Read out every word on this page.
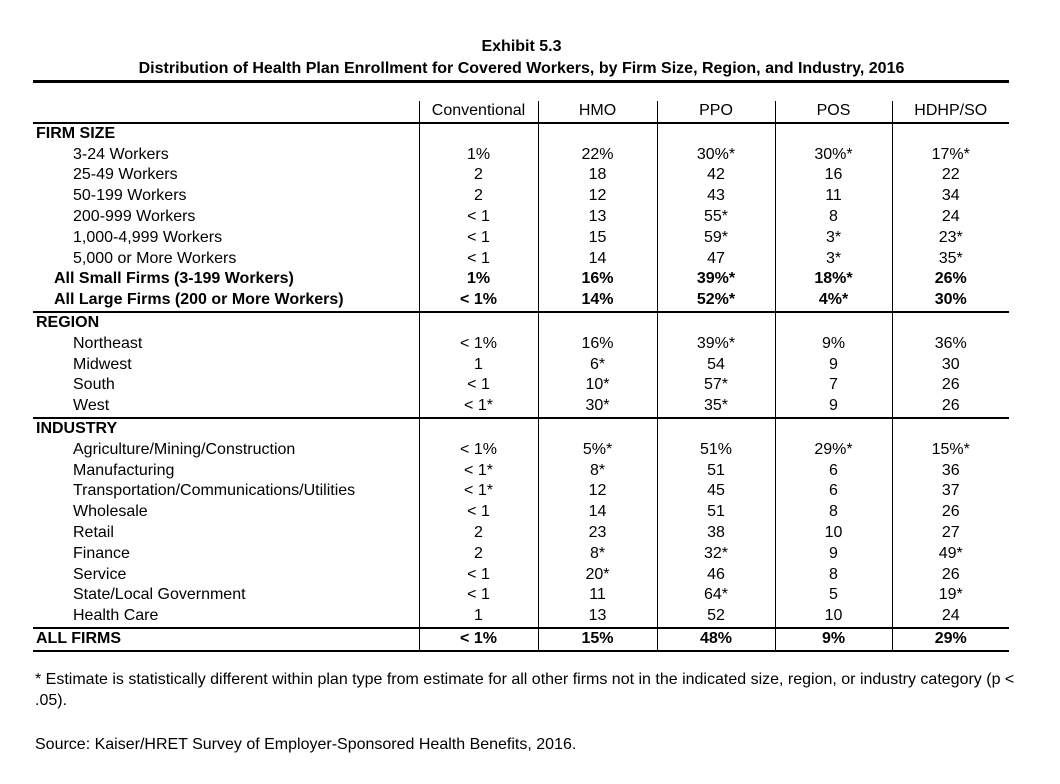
Exhibit 5.3
Distribution of Health Plan Enrollment for Covered Workers, by Firm Size, Region, and Industry, 2016
	Conventional	HMO	PPO	POS	HDHP/SO
FIRM SIZE					
3-24 Workers	1%	22%	30%*	30%*	17%*
25-49 Workers	2	18	42	16	22
50-199 Workers	2	12	43	11	34
200-999 Workers	< 1	13	55*	8	24
1,000-4,999 Workers	< 1	15	59*	3*	23*
5,000 or More Workers	< 1	14	47	3*	35*
All Small Firms (3-199 Workers)	1%	16%	39%*	18%*	26%
All Large Firms (200 or More Workers)	< 1%	14%	52%*	4%*	30%
REGION					
Northeast	< 1%	16%	39%*	9%	36%
Midwest	1	6*	54	9	30
South	< 1	10*	57*	7	26
West	< 1*	30*	35*	9	26
INDUSTRY					
Agriculture/Mining/Construction	< 1%	5%*	51%	29%*	15%*
Manufacturing	< 1*	8*	51	6	36
Transportation/Communications/Utilities	< 1*	12	45	6	37
Wholesale	< 1	14	51	8	26
Retail	2	23	38	10	27
Finance	2	8*	32*	9	49*
Service	< 1	20*	46	8	26
State/Local Government	< 1	11	64*	5	19*
Health Care	1	13	52	10	24
ALL FIRMS	< 1%	15%	48%	9%	29%
* Estimate is statistically different within plan type from estimate for all other firms not in the indicated size, region, or industry category (p < .05).
Source: Kaiser/HRET Survey of Employer-Sponsored Health Benefits, 2016.
